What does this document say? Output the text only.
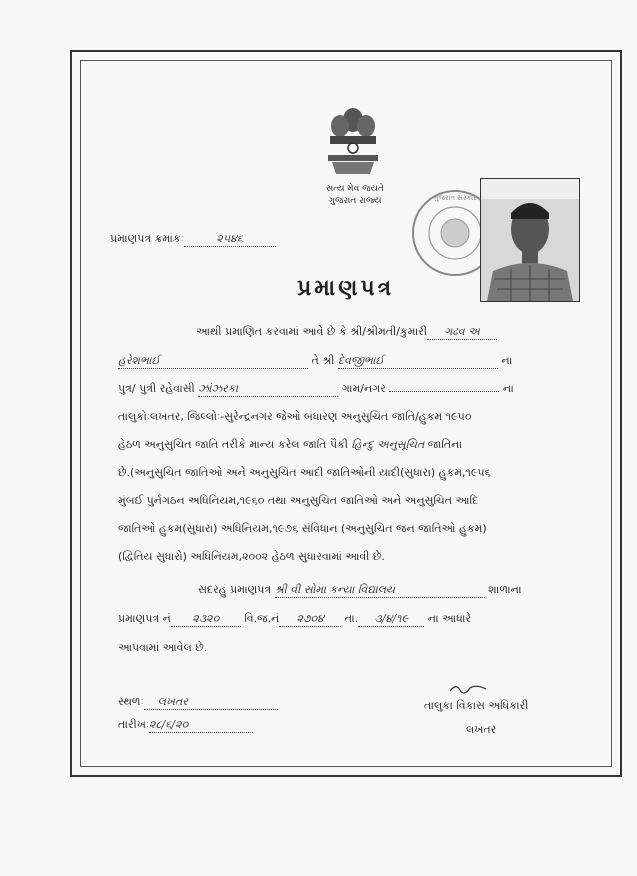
સત્ય મેવ જયતે
ગુજરાત રાજ્ય	ગુજરાત સરકાર
પ્રમાણપત્ર ક્રમાંકઃ	૨૫૪૬
પ્રમાણપત્ર
આથી પ્રમાણિત કરવામાં આવે છે કે શ્રી/શ્રીમતી/કુમારી ગઢવ અ
હરેશભાઈ	તે શ્રી દેવજીભાઈ	ના
પુત્ર/ પુત્રી રહેવાસી ઝાંઝરકા	ગામ/નગર	ના
તાલુકોઃલખતર, જિલ્લોઃ-સુરેન્દ્રનગર જેઓ બંધારણ અનુસુચિત જાતિ/હુકમ ૧૯૫૦
હેઠળ અનુસુચિત જાતિ તરીકે માન્ય કરેલ જાતિ પૈકી હિન્દુ અનુસૂચિત જાતિના
છે.(અનુસુચિત જાતિઓ અને અનુસુચિત આદી જાતિઓની યાદી(સુધારા) હુકમ,૧૯૫૬
મુંબઈ પુર્નગઠન અધિનિયમ,૧૯૬૦ તથા અનુસુચિત જાતિઓ અને અનુસુચિત આદિ
જાતિઓ હુકમ(સુધારા) અધિનિયમ,૧૯૭૬ સંવિધાન (અનુસુચિત જન જાતિઓ હુકમ)
(દ્વિતિય સુધારો) અધિનિયમ,૨૦૦૨ હેઠળ સુધારવામાં આવી છે.
સદરહું પ્રમાણપત્ર શ્રી વી સોમા કન્યા વિદ્યાલય	શાળાના
પ્રમાણપત્ર નં ૨૩૨૦ વિ.જ.નં ૨૭૦૪ તા. ૩/૪/૧૯ ના આધારે
આપવામાં આવેલ છે.
સ્થળઃ લખતર
તારીખઃ૨૮/૬/૨૦
તાલુકા વિકાસ અધિકારી
લખતર
